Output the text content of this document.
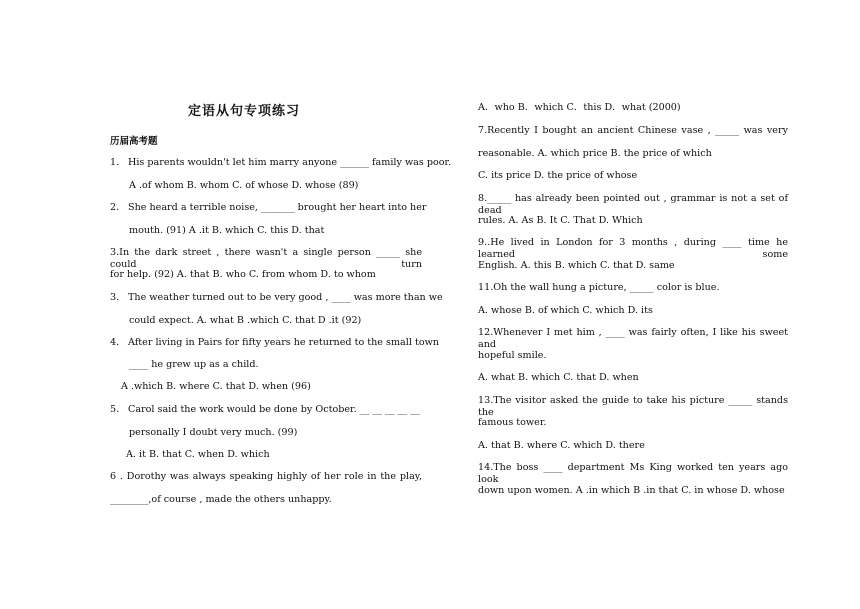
定语从句专项练习
历届高考题
1. His parents wouldn't let him marry anyone ______ family was poor.
A .of whom B. whom C. of whose D. whose (89)
2. She heard a terrible noise, _______ brought her heart into her
mouth. (91) A .it B. which C. this D. that
3.In the dark street , there wasn't a single person _____ she could turn
for help. (92) A. that B. who C. from whom D. to whom
3. The weather turned out to be very good , ____ was more than we
could expect. A. what B .which C. that D .it (92)
4. After living in Pairs for fifty years he returned to the small town
____ he grew up as a child.
A .which B. where C. that D. when (96)
5. Carol said the work would be done by October. __ __ __ __ __
personally I doubt very much. (99)
A. it B. that C. when D. which
6 . Dorothy was always speaking highly of her role in the play,
________,of course , made the others unhappy.
A．who B．which C．this D．what (2000)
7.Recently I bought an ancient Chinese vase , _____ was very
reasonable. A. which price B. the price of which
C. its price D. the price of whose
8._____ has already been pointed out , grammar is not a set of dead
rules. A. As B. It C. That D. Which
9..He lived in London for 3 months , during ____ time he learned some
English. A. this B. which C. that D. same
11.Oh the wall hung a picture, _____ color is blue.
A. whose B. of which C. which D. its
12.Whenever I met him , ____ was fairly often, I like his sweet and
hopeful smile.
A. what B. which C. that D. when
13.The visitor asked the guide to take his picture _____ stands the
famous tower.
A. that B. where C. which D. there
14.The boss ____ department Ms King worked ten years ago look
down upon women. A .in which B .in that C. in whose D. whose
